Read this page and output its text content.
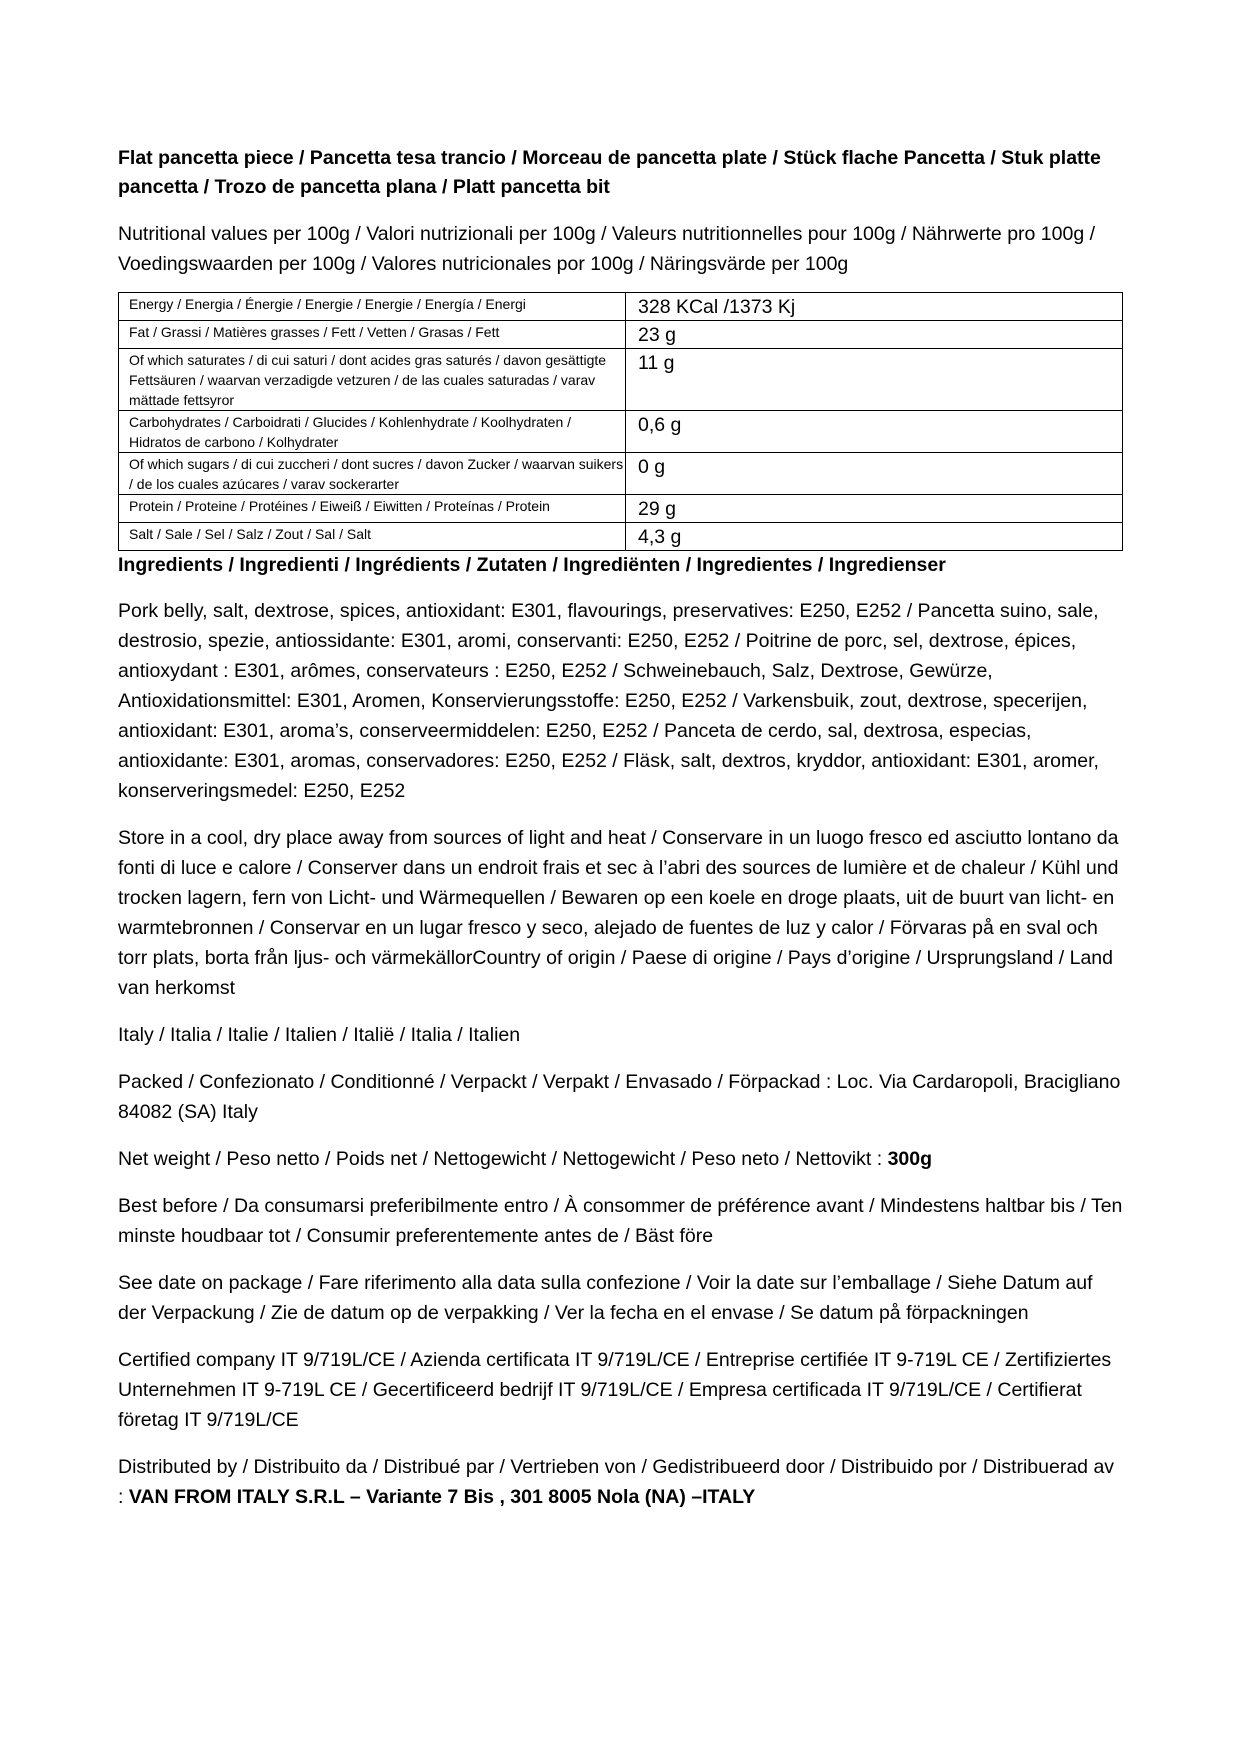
Flat pancetta piece / Pancetta tesa trancio / Morceau de pancetta plate / Stück flache Pancetta / Stuk platte pancetta / Trozo de pancetta plana / Platt pancetta bit

Nutritional values per 100g / Valori nutrizionali per 100g / Valeurs nutritionnelles pour 100g / Nährwerte pro 100g / Voedingswaarden per 100g / Valores nutricionales por 100g / Näringsvärde per 100g

Energy / Energia / Énergie / Energie / Energie / Energía / Energi	328 KCal /1373 Kj
Fat / Grassi / Matières grasses / Fett / Vetten / Grasas / Fett	23 g
Of which saturates / di cui saturi / dont acides gras saturés / davon gesättigte Fettsäuren / waarvan verzadigde vetzuren / de las cuales saturadas / varav mättade fettsyror	11 g
Carbohydrates / Carboidrati / Glucides / Kohlenhydrate / Koolhydraten / Hidratos de carbono / Kolhydrater	0,6 g
Of which sugars / di cui zuccheri / dont sucres / davon Zucker / waarvan suikers / de los cuales azúcares / varav sockerarter	0 g
Protein / Proteine / Protéines / Eiweiß / Eiwitten / Proteínas / Protein	29 g
Salt / Sale / Sel / Salz / Zout / Sal / Salt	4,3 g

Ingredients / Ingredienti / Ingrédients / Zutaten / Ingrediënten / Ingredientes / Ingredienser

Pork belly, salt, dextrose, spices, antioxidant: E301, flavourings, preservatives: E250, E252 / Pancetta suino, sale, destrosio, spezie, antiossidante: E301, aromi, conservanti: E250, E252 / Poitrine de porc, sel, dextrose, épices, antioxydant : E301, arômes, conservateurs : E250, E252 / Schweinebauch, Salz, Dextrose, Gewürze, Antioxidationsmittel: E301, Aromen, Konservierungsstoffe: E250, E252 / Varkensbuik, zout, dextrose, specerijen, antioxidant: E301, aroma’s, conserveermiddelen: E250, E252 / Panceta de cerdo, sal, dextrosa, especias, antioxidante: E301, aromas, conservadores: E250, E252 / Fläsk, salt, dextros, kryddor, antioxidant: E301, aromer, konserveringsmedel: E250, E252

Store in a cool, dry place away from sources of light and heat / Conservare in un luogo fresco ed asciutto lontano da fonti di luce e calore / Conserver dans un endroit frais et sec à l’abri des sources de lumière et de chaleur / Kühl und trocken lagern, fern von Licht- und Wärmequellen / Bewaren op een koele en droge plaats, uit de buurt van licht- en warmtebronnen / Conservar en un lugar fresco y seco, alejado de fuentes de luz y calor / Förvaras på en sval och torr plats, borta från ljus- och värmekällorCountry of origin / Paese di origine / Pays d’origine / Ursprungsland / Land van herkomst

Italy / Italia / Italie / Italien / Italië / Italia / Italien

Packed / Confezionato / Conditionné / Verpackt / Verpakt / Envasado / Förpackad : Loc. Via Cardaropoli, Bracigliano 84082 (SA) Italy

Net weight / Peso netto / Poids net / Nettogewicht / Nettogewicht / Peso neto / Nettovikt : 300g

Best before / Da consumarsi preferibilmente entro / À consommer de préférence avant / Mindestens haltbar bis / Ten minste houdbaar tot / Consumir preferentemente antes de / Bäst före

See date on package / Fare riferimento alla data sulla confezione / Voir la date sur l’emballage / Siehe Datum auf der Verpackung / Zie de datum op de verpakking / Ver la fecha en el envase / Se datum på förpackningen

Certified company IT 9/719L/CE / Azienda certificata IT 9/719L/CE / Entreprise certifiée IT 9-719L CE / Zertifiziertes Unternehmen IT 9-719L CE / Gecertificeerd bedrijf IT 9/719L/CE / Empresa certificada IT 9/719L/CE / Certifierat företag IT 9/719L/CE

Distributed by / Distribuito da / Distribué par / Vertrieben von / Gedistribueerd door / Distribuido por / Distribuerad av : VAN FROM ITALY S.R.L – Variante 7 Bis , 301 8005 Nola (NA) –ITALY
